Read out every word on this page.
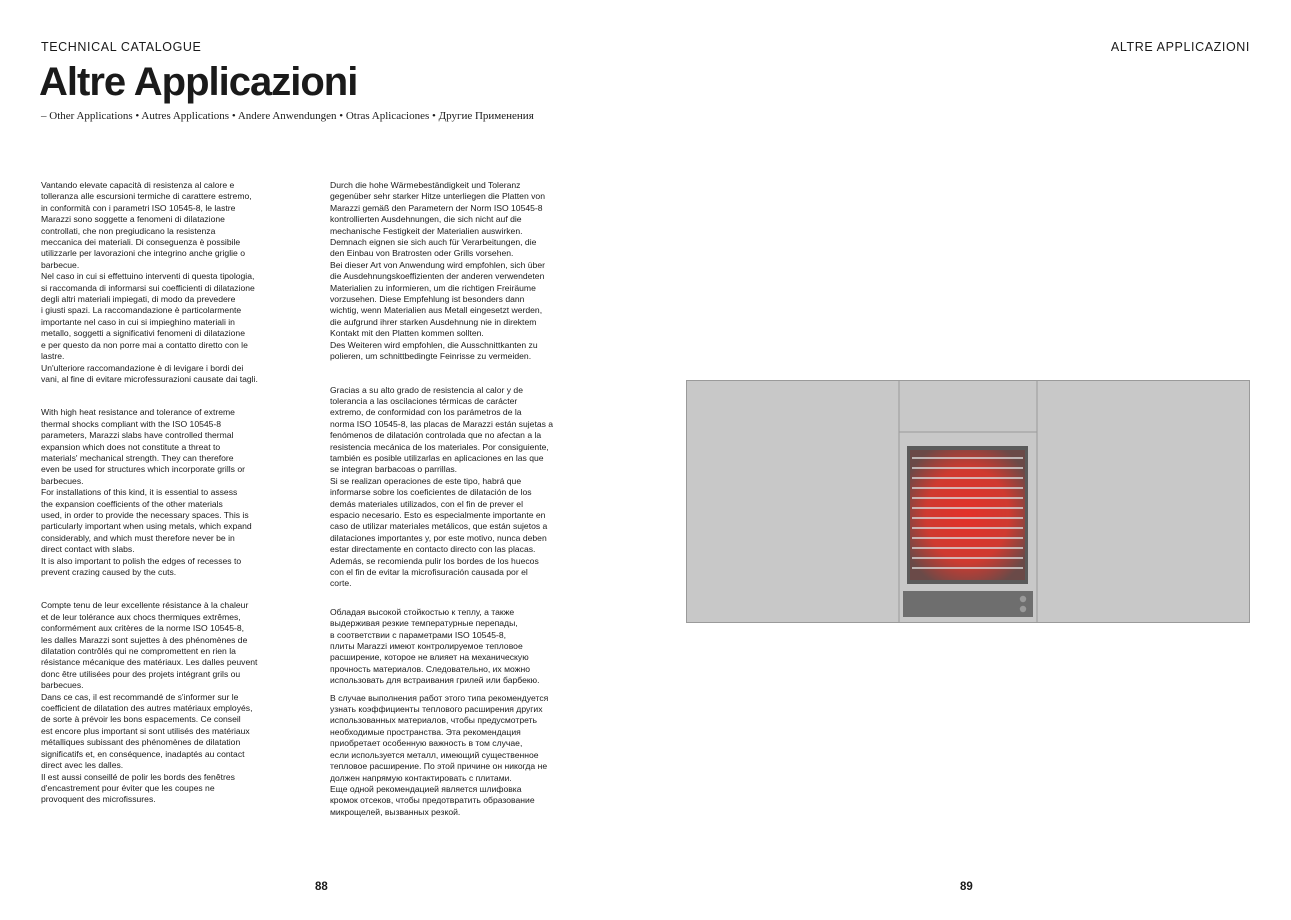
TECHNICAL CATALOGUE	ALTRE APPLICAZIONI
Altre Applicazioni
– Other Applications • Autres Applications • Andere Anwendungen • Otras Aplicaciones • Другие Применения

Vantando elevate capacità di resistenza al calore e
tolleranza alle escursioni termiche di carattere estremo,
in conformità con i parametri ISO 10545-8, le lastre
Marazzi sono soggette a fenomeni di dilatazione
controllati, che non pregiudicano la resistenza
meccanica dei materiali. Di conseguenza è possibile
utilizzarle per lavorazioni che integrino anche griglie o
barbecue.
Nel caso in cui si effettuino interventi di questa tipologia,
si raccomanda di informarsi sui coefficienti di dilatazione
degli altri materiali impiegati, di modo da prevedere
i giusti spazi. La raccomandazione è particolarmente
importante nel caso in cui si impieghino materiali in
metallo, soggetti a significativi fenomeni di dilatazione
e per questo da non porre mai a contatto diretto con le
lastre.
Un'ulteriore raccomandazione è di levigare i bordi dei
vani, al fine di evitare microfessurazioni causate dai tagli.

With high heat resistance and tolerance of extreme
thermal shocks compliant with the ISO 10545-8
parameters, Marazzi slabs have controlled thermal
expansion which does not constitute a threat to
materials' mechanical strength. They can therefore
even be used for structures which incorporate grills or
barbecues.
For installations of this kind, it is essential to assess
the expansion coefficients of the other materials
used, in order to provide the necessary spaces. This is
particularly important when using metals, which expand
considerably, and which must therefore never be in
direct contact with slabs.
It is also important to polish the edges of recesses to
prevent crazing caused by the cuts.

Compte tenu de leur excellente résistance à la chaleur
et de leur tolérance aux chocs thermiques extrêmes,
conformément aux critères de la norme ISO 10545-8,
les dalles Marazzi sont sujettes à des phénomènes de
dilatation contrôlés qui ne compromettent en rien la
résistance mécanique des matériaux. Les dalles peuvent
donc être utilisées pour des projets intégrant grils ou
barbecues.
Dans ce cas, il est recommandé de s'informer sur le
coefficient de dilatation des autres matériaux employés,
de sorte à prévoir les bons espacements. Ce conseil
est encore plus important si sont utilisés des matériaux
métalliques subissant des phénomènes de dilatation
significatifs et, en conséquence, inadaptés au contact
direct avec les dalles.
Il est aussi conseillé de polir les bords des fenêtres
d'encastrement pour éviter que les coupes ne
provoquent des microfissures.

Durch die hohe Wärmebeständigkeit und Toleranz
gegenüber sehr starker Hitze unterliegen die Platten von
Marazzi gemäß den Parametern der Norm ISO 10545-8
kontrollierten Ausdehnungen, die sich nicht auf die
mechanische Festigkeit der Materialien auswirken.
Demnach eignen sie sich auch für Verarbeitungen, die
den Einbau von Bratrosten oder Grills vorsehen.
Bei dieser Art von Anwendung wird empfohlen, sich über
die Ausdehnungskoeffizienten der anderen verwendeten
Materialien zu informieren, um die richtigen Freiräume
vorzusehen. Diese Empfehlung ist besonders dann
wichtig, wenn Materialien aus Metall eingesetzt werden,
die aufgrund ihrer starken Ausdehnung nie in direktem
Kontakt mit den Platten kommen sollten.
Des Weiteren wird empfohlen, die Ausschnittkanten zu
polieren, um schnittbedingte Feinrisse zu vermeiden.

Gracias a su alto grado de resistencia al calor y de
tolerancia a las oscilaciones térmicas de carácter
extremo, de conformidad con los parámetros de la
norma ISO 10545-8, las placas de Marazzi están sujetas a
fenómenos de dilatación controlada que no afectan a la
resistencia mecánica de los materiales. Por consiguiente,
también es posible utilizarlas en aplicaciones en las que
se integran barbacoas o parrillas.
Si se realizan operaciones de este tipo, habrá que
informarse sobre los coeficientes de dilatación de los
demás materiales utilizados, con el fin de prever el
espacio necesario. Esto es especialmente importante en
caso de utilizar materiales metálicos, que están sujetos a
dilataciones importantes y, por este motivo, nunca deben
estar directamente en contacto directo con las placas.
Además, se recomienda pulir los bordes de los huecos
con el fin de evitar la microfisuración causada por el
corte.

Обладая высокой стойкостью к теплу, а также
выдерживая резкие температурные перепады,
в соответствии с параметрами ISO 10545-8,
плиты Marazzi имеют контролируемое тепловое
расширение, которое не влияет на механическую
прочность материалов. Следовательно, их можно
использовать для встраивания грилей или барбекю.

В случае выполнения работ этого типа рекомендуется
узнать коэффициенты теплового расширения других
использованных материалов, чтобы предусмотреть
необходимые пространства. Эта рекомендация
приобретает особенную важность в том случае,
если используется металл, имеющий существенное
тепловое расширение. По этой причине он никогда не
должен напрямую контактировать с плитами.
Еще одной рекомендацией является шлифовка
кромок отсеков, чтобы предотвратить образование
микрощелей, вызванных резкой.

88	89
